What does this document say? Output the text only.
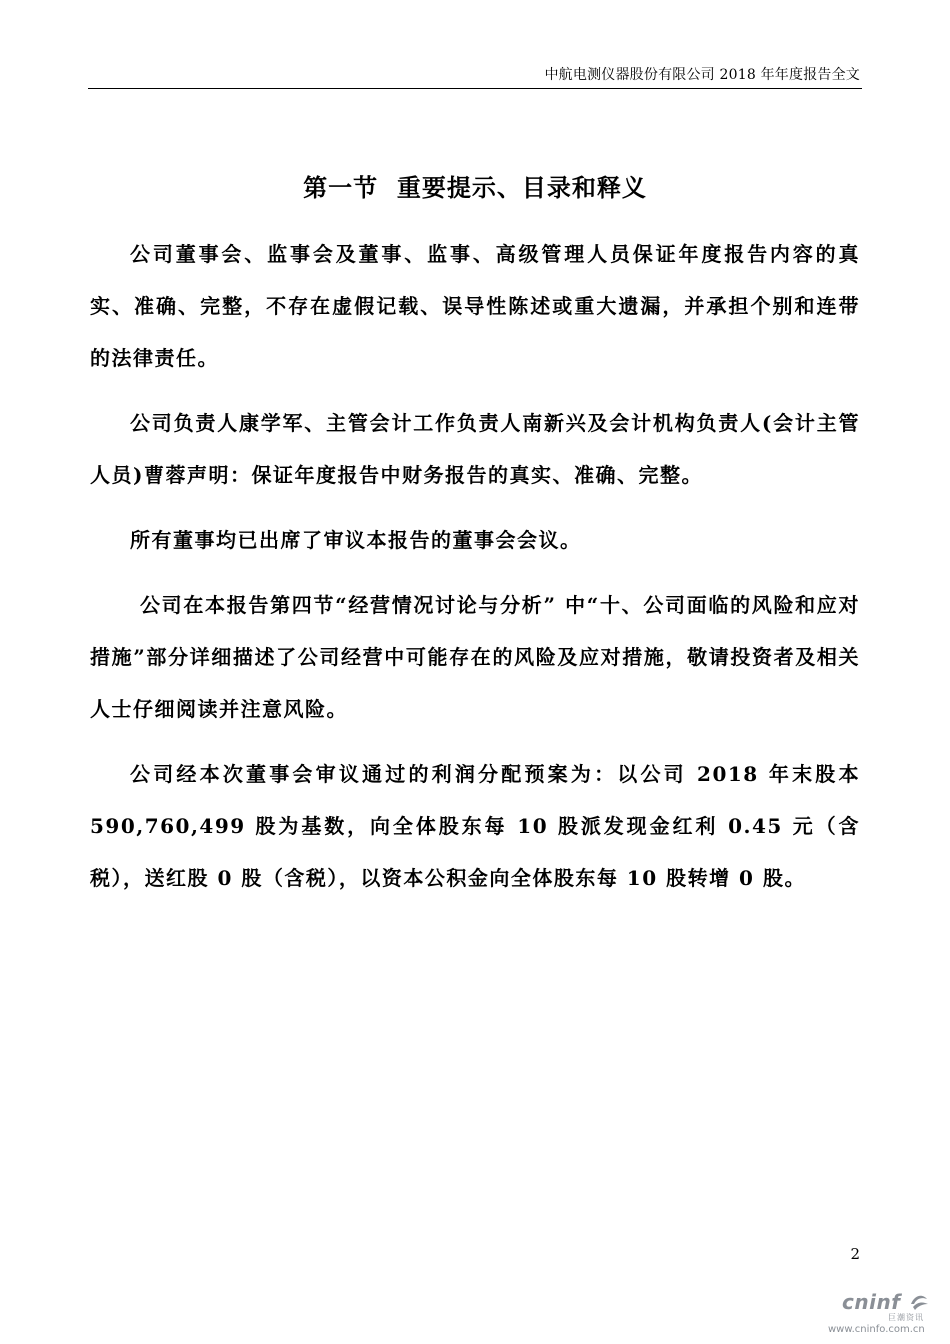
中航电测仪器股份有限公司 2018 年年度报告全文
第一节  重要提示、目录和释义

公司董事会、监事会及董事、监事、高级管理人员保证年度报告内容的真实、准确、完整，不存在虚假记载、误导性陈述或重大遗漏，并承担个别和连带的法律责任。

公司负责人康学军、主管会计工作负责人南新兴及会计机构负责人(会计主管人员)曹蓉声明：保证年度报告中财务报告的真实、准确、完整。

所有董事均已出席了审议本报告的董事会会议。

公司在本报告第四节“经营情况讨论与分析” 中“十、公司面临的风险和应对措施”部分详细描述了公司经营中可能存在的风险及应对措施，敬请投资者及相关人士仔细阅读并注意风险。

公司经本次董事会审议通过的利润分配预案为：以公司 2018 年末股本590,760,499 股为基数，向全体股东每 10 股派发现金红利 0.45 元（含税），送红股 0 股（含税），以资本公积金向全体股东每 10 股转增 0 股。

2
cninf
巨潮资讯
www.cninfo.com.cn
